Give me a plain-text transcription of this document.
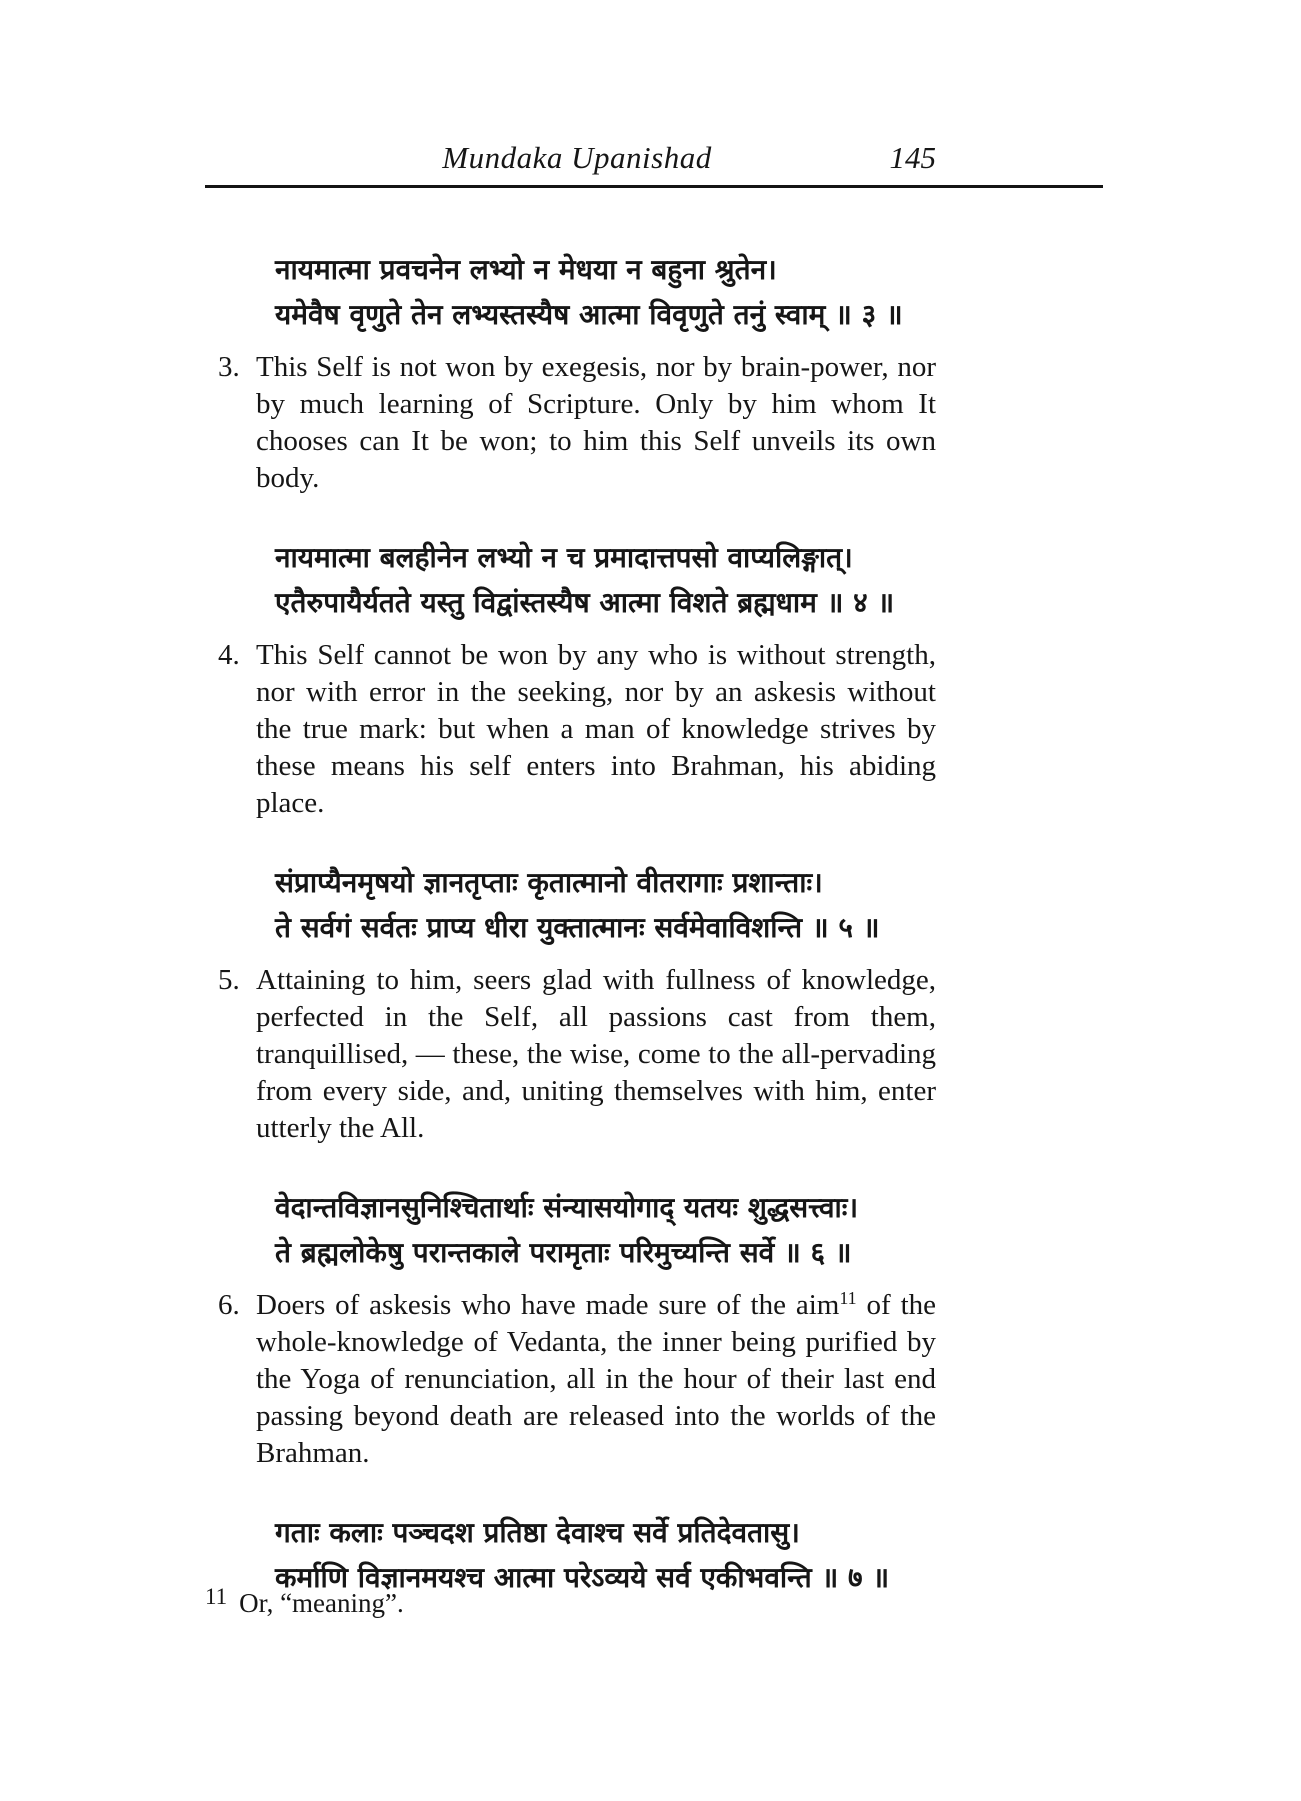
Mundaka Upanishad	145
नायमात्मा प्रवचनेन लभ्यो न मेधया न बहुना श्रुतेन।
यमेवैष वृणुते तेन लभ्यस्तस्यैष आत्मा विवृणुते तनुं स्वाम् ॥ ३ ॥
3. This Self is not won by exegesis, nor by brain-power, nor by much learning of Scripture. Only by him whom It chooses can It be won; to him this Self unveils its own body.
नायमात्मा बलहीनेन लभ्यो न च प्रमादात्तपसो वाप्यलिङ्गात्।
एतैरुपायैर्यतते यस्तु विद्वांस्तस्यैष आत्मा विशते ब्रह्मधाम ॥ ४ ॥
4. This Self cannot be won by any who is without strength, nor with error in the seeking, nor by an askesis without the true mark: but when a man of knowledge strives by these means his self enters into Brahman, his abiding place.
संप्राप्यैनमृषयो ज्ञानतृप्ताः कृतात्मानो वीतरागाः प्रशान्ताः।
ते सर्वगं सर्वतः प्राप्य धीरा युक्तात्मानः सर्वमेवाविशन्ति ॥ ५ ॥
5. Attaining to him, seers glad with fullness of knowledge, perfected in the Self, all passions cast from them, tranquillised, — these, the wise, come to the all-pervading from every side, and, uniting themselves with him, enter utterly the All.
वेदान्तविज्ञानसुनिश्चितार्थाः संन्यासयोगाद् यतयः शुद्धसत्त्वाः।
ते ब्रह्मलोकेषु परान्तकाले परामृताः परिमुच्यन्ति सर्वे ॥ ६ ॥
6. Doers of askesis who have made sure of the aim$^{11}$ of the whole-knowledge of Vedanta, the inner being purified by the Yoga of renunciation, all in the hour of their last end passing beyond death are released into the worlds of the Brahman.
गताः कलाः पञ्चदश प्रतिष्ठा देवाश्च सर्वे प्रतिदेवतासु।
कर्माणि विज्ञानमयश्च आत्मा परेऽव्यये सर्व एकीभवन्ति ॥ ७ ॥
11 Or, “meaning”.
